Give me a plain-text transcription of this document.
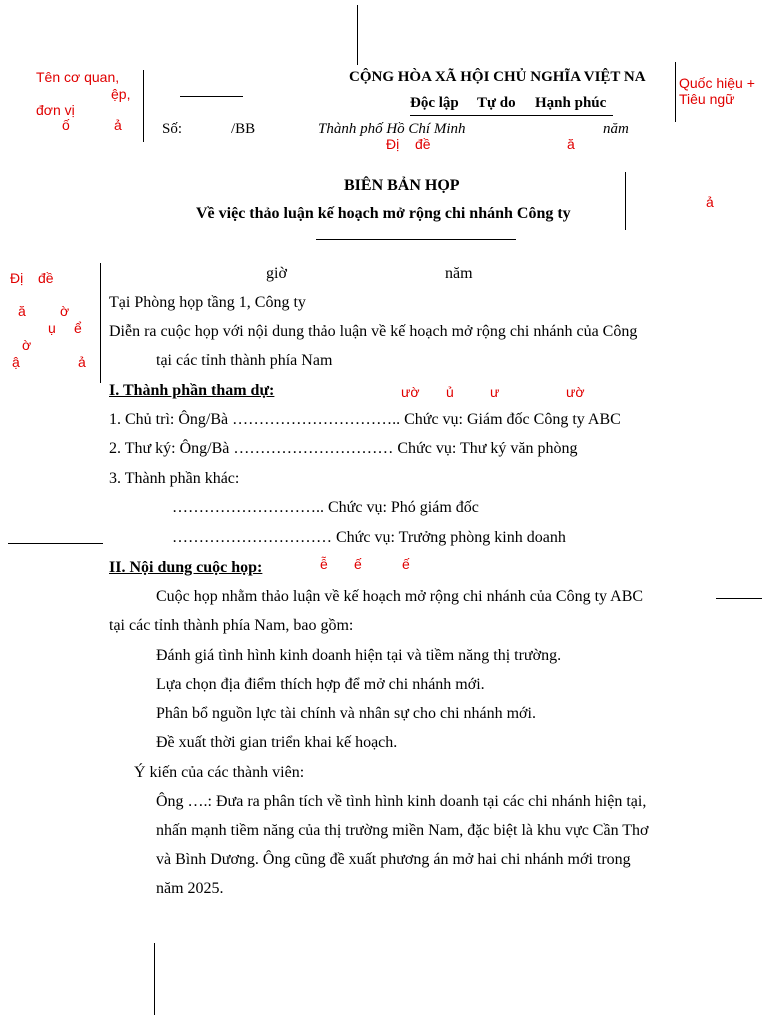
Tên cơ quan,
ệp,
đơn vị
ố	ả
Quốc hiệu +
Tiêu ngữ
Đị đề	ă
ả
Đị đề
ă ờ
ụ ể
ờ
ậ	ả
ườ ủ	ư	ườ
ễ ế	ế
CỘNG HÒA XÃ HỘI CHỦ NGHĨA VIỆT NA
Độc lập Tự do Hạnh phúc
Số:	/BB	Thành phố Hồ Chí Minh	năm
BIÊN BẢN HỌP
Về việc thảo luận kế hoạch mở rộng chi nhánh Công ty
giờ	năm
Tại Phòng họp tầng 1, Công ty
Diễn ra cuộc họp với nội dung thảo luận về kế hoạch mở rộng chi nhánh của Công
tại các tỉnh thành phía Nam
I. Thành phần tham dự:
1. Chủ trì: Ông/Bà ………………………….. Chức vụ: Giám đốc Công ty ABC
2. Thư ký: Ông/Bà ………………………… Chức vụ: Thư ký văn phòng
3. Thành phần khác:
……………………….. Chức vụ: Phó giám đốc
………………………… Chức vụ: Trưởng phòng kinh doanh
II. Nội dung cuộc họp:
Cuộc họp nhằm thảo luận về kế hoạch mở rộng chi nhánh của Công ty ABC
tại các tỉnh thành phía Nam, bao gồm:
Đánh giá tình hình kinh doanh hiện tại và tiềm năng thị trường.
Lựa chọn địa điểm thích hợp để mở chi nhánh mới.
Phân bổ nguồn lực tài chính và nhân sự cho chi nhánh mới.
Đề xuất thời gian triển khai kế hoạch.
Ý kiến của các thành viên:
Ông ….: Đưa ra phân tích về tình hình kinh doanh tại các chi nhánh hiện tại,
nhấn mạnh tiềm năng của thị trường miền Nam, đặc biệt là khu vực Cần Thơ
và Bình Dương. Ông cũng đề xuất phương án mở hai chi nhánh mới trong
năm 2025.
